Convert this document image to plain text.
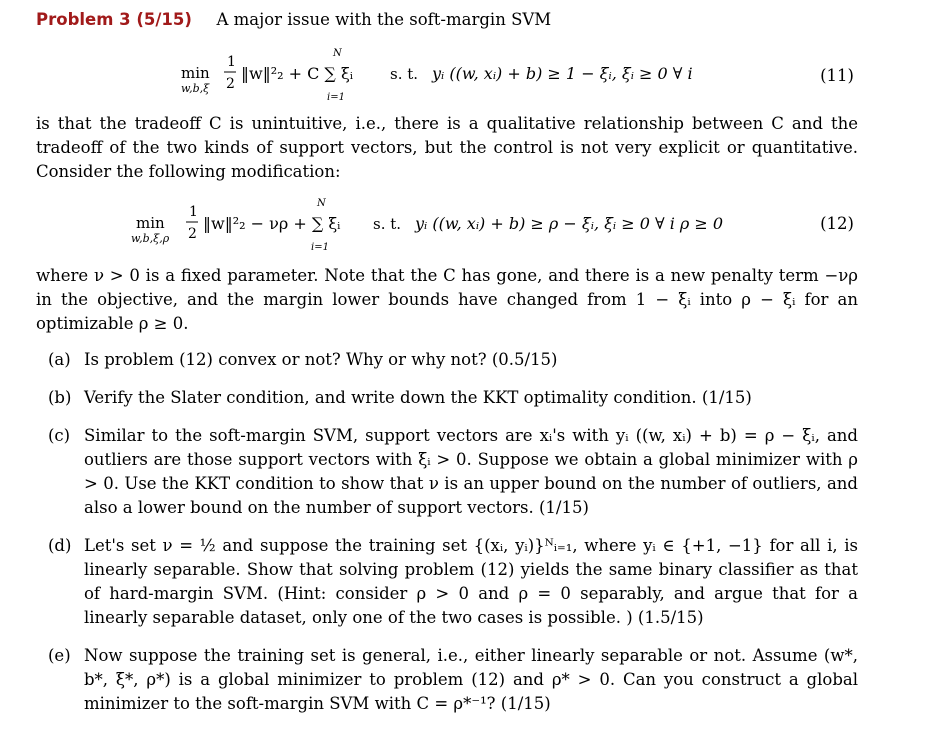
Problem 3 (5/15) A major issue with the soft-margin SVM
min
w,b,ξ
1
2
‖w‖²₂ + C ∑ ξᵢ
N
i=1
s. t. yᵢ ((w, xᵢ) + b) ≥ 1 − ξᵢ, ξᵢ ≥ 0 ∀ i	(11)
is that the tradeoff C is unintuitive, i.e., there is a qualitative relationship between C and the tradeoff of the two kinds of support vectors, but the control is not very explicit or quantitative. Consider the following modification:
min
w,b,ξ,ρ
1
2
‖w‖²₂ − νρ + ∑ ξᵢ
N
i=1
s. t. yᵢ ((w, xᵢ) + b) ≥ ρ − ξᵢ, ξᵢ ≥ 0 ∀ i ρ ≥ 0	(12)
where ν > 0 is a fixed parameter. Note that the C has gone, and there is a new penalty term −νρ in the objective, and the margin lower bounds have changed from 1 − ξᵢ into ρ − ξᵢ for an optimizable ρ ≥ 0.
(a) Is problem (12) convex or not? Why or why not? (0.5/15)
(b) Verify the Slater condition, and write down the KKT optimality condition. (1/15)
(c) Similar to the soft-margin SVM, support vectors are xᵢ's with yᵢ ((w, xᵢ) + b) = ρ − ξᵢ, and outliers are those support vectors with ξᵢ > 0. Suppose we obtain a global minimizer with ρ > 0. Use the KKT condition to show that ν is an upper bound on the number of outliers, and also a lower bound on the number of support vectors. (1/15)
(d) Let's set ν = ½ and suppose the training set {(xᵢ, yᵢ)}ᴺᵢ₌₁, where yᵢ ∈ {+1, −1} for all i, is linearly separable. Show that solving problem (12) yields the same binary classifier as that of hard-margin SVM. (Hint: consider ρ > 0 and ρ = 0 separably, and argue that for a linearly separable dataset, only one of the two cases is possible. ) (1.5/15)
(e) Now suppose the training set is general, i.e., either linearly separable or not. Assume (w*, b*, ξ*, ρ*) is a global minimizer to problem (12) and ρ* > 0. Can you construct a global minimizer to the soft-margin SVM with C = ρ*⁻¹? (1/15)
